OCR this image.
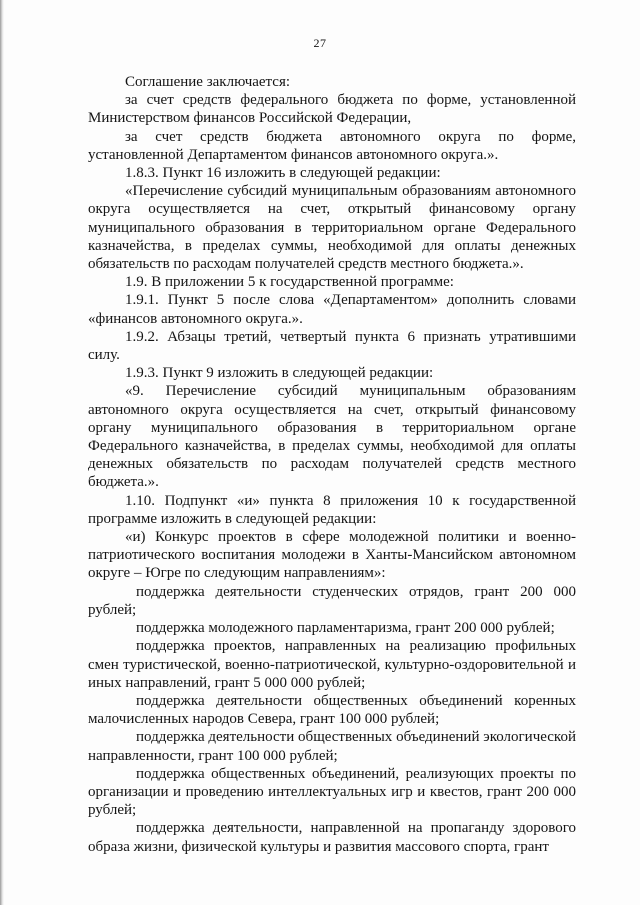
27

Соглашение заключается:

за счет средств федерального бюджета по форме, установленной Министерством финансов Российской Федерации,

за счет средств бюджета автономного округа по форме, установленной Департаментом финансов автономного округа.».

1.8.3. Пункт 16 изложить в следующей редакции:

«Перечисление субсидий муниципальным образованиям автономного округа осуществляется на счет, открытый финансовому органу муниципального образования в территориальном органе Федерального казначейства, в пределах суммы, необходимой для оплаты денежных обязательств по расходам получателей средств местного бюджета.».

1.9. В приложении 5 к государственной программе:

1.9.1. Пункт 5 после слова «Департаментом» дополнить словами «финансов автономного округа.».

1.9.2. Абзацы третий, четвертый пункта 6 признать утратившими силу.

1.9.3. Пункт 9 изложить в следующей редакции:

«9. Перечисление субсидий муниципальным образованиям автономного округа осуществляется на счет, открытый финансовому органу муниципального образования в территориальном органе Федерального казначейства, в пределах суммы, необходимой для оплаты денежных обязательств по расходам получателей средств местного бюджета.».

1.10. Подпункт «и» пункта 8 приложения 10 к государственной программе изложить в следующей редакции:

«и) Конкурс проектов в сфере молодежной политики и военно-патриотического воспитания молодежи в Ханты-Мансийском автономном округе – Югре по следующим направлениям»:

поддержка деятельности студенческих отрядов, грант 200 000 рублей;

поддержка молодежного парламентаризма, грант 200 000 рублей;

поддержка проектов, направленных на реализацию профильных смен туристической, военно-патриотической, культурно-оздоровительной и иных направлений, грант 5 000 000 рублей;

поддержка деятельности общественных объединений коренных малочисленных народов Севера, грант 100 000 рублей;

поддержка деятельности общественных объединений экологической направленности, грант 100 000 рублей;

поддержка общественных объединений, реализующих проекты по организации и проведению интеллектуальных игр и квестов, грант 200 000 рублей;

поддержка деятельности, направленной на пропаганду здорового образа жизни, физической культуры и развития массового спорта, грант
